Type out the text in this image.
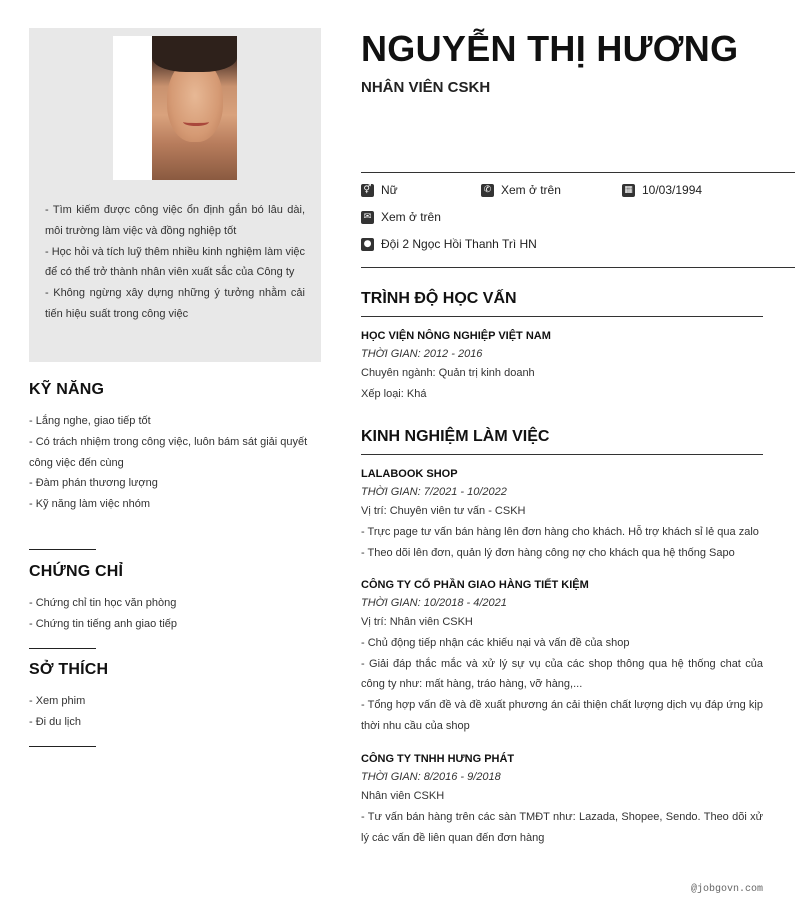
- Tìm kiếm được công việc ổn định gắn bó lâu dài, môi trường làm việc và đồng nghiệp tốt
- Học hỏi và tích luỹ thêm nhiều kinh nghiệm làm việc để có thể trở thành nhân viên xuất sắc của Công ty
- Không ngừng xây dựng những ý tưởng nhằm cải tiến hiệu suất trong công việc
KỸ NĂNG
- Lắng nghe, giao tiếp tốt
- Có trách nhiệm trong công việc, luôn bám sát giải quyết công việc đến cùng
- Đàm phán thương lượng
- Kỹ năng làm việc nhóm
CHỨNG CHỈ
- Chứng chỉ tin học văn phòng
- Chứng tin tiếng anh giao tiếp
SỞ THÍCH
- Xem phim
- Đi du lịch
NGUYỄN THỊ HƯƠNG
NHÂN VIÊN CSKH
⚥ Nữ	✆ Xem ở trên	▦ 10/03/1994
✉ Xem ở trên
● Đội 2 Ngọc Hồi Thanh Trì HN
TRÌNH ĐỘ HỌC VẤN
HỌC VIỆN NÔNG NGHIỆP VIỆT NAM
THỜI GIAN: 2012 - 2016
Chuyên ngành: Quản trị kinh doanh
Xếp loại: Khá
KINH NGHIỆM LÀM VIỆC
LALABOOK SHOP
THỜI GIAN: 7/2021 - 10/2022
Vị trí: Chuyên viên tư vấn - CSKH
- Trực page tư vấn bán hàng lên đơn hàng cho khách. Hỗ trợ khách sỉ lẻ qua zalo
- Theo dõi lên đơn, quản lý đơn hàng công nợ cho khách qua hệ thống Sapo
CÔNG TY CỔ PHẦN GIAO HÀNG TIẾT KIỆM
THỜI GIAN: 10/2018 - 4/2021
Vị trí: Nhân viên CSKH
- Chủ động tiếp nhận các khiếu nại và vấn đề của shop
- Giải đáp thắc mắc và xử lý sự vụ của các shop thông qua hệ thống chat của công ty như: mất hàng, tráo hàng, vỡ hàng,...
- Tổng hợp vấn đề và đề xuất phương án cải thiện chất lượng dịch vụ đáp ứng kịp thời nhu cầu của shop
CÔNG TY TNHH HƯNG PHÁT
THỜI GIAN: 8/2016 - 9/2018
Nhân viên CSKH
- Tư vấn bán hàng trên các sàn TMĐT như: Lazada, Shopee, Sendo. Theo dõi xử lý các vấn đề liên quan đến đơn hàng
@jobgovn.com
